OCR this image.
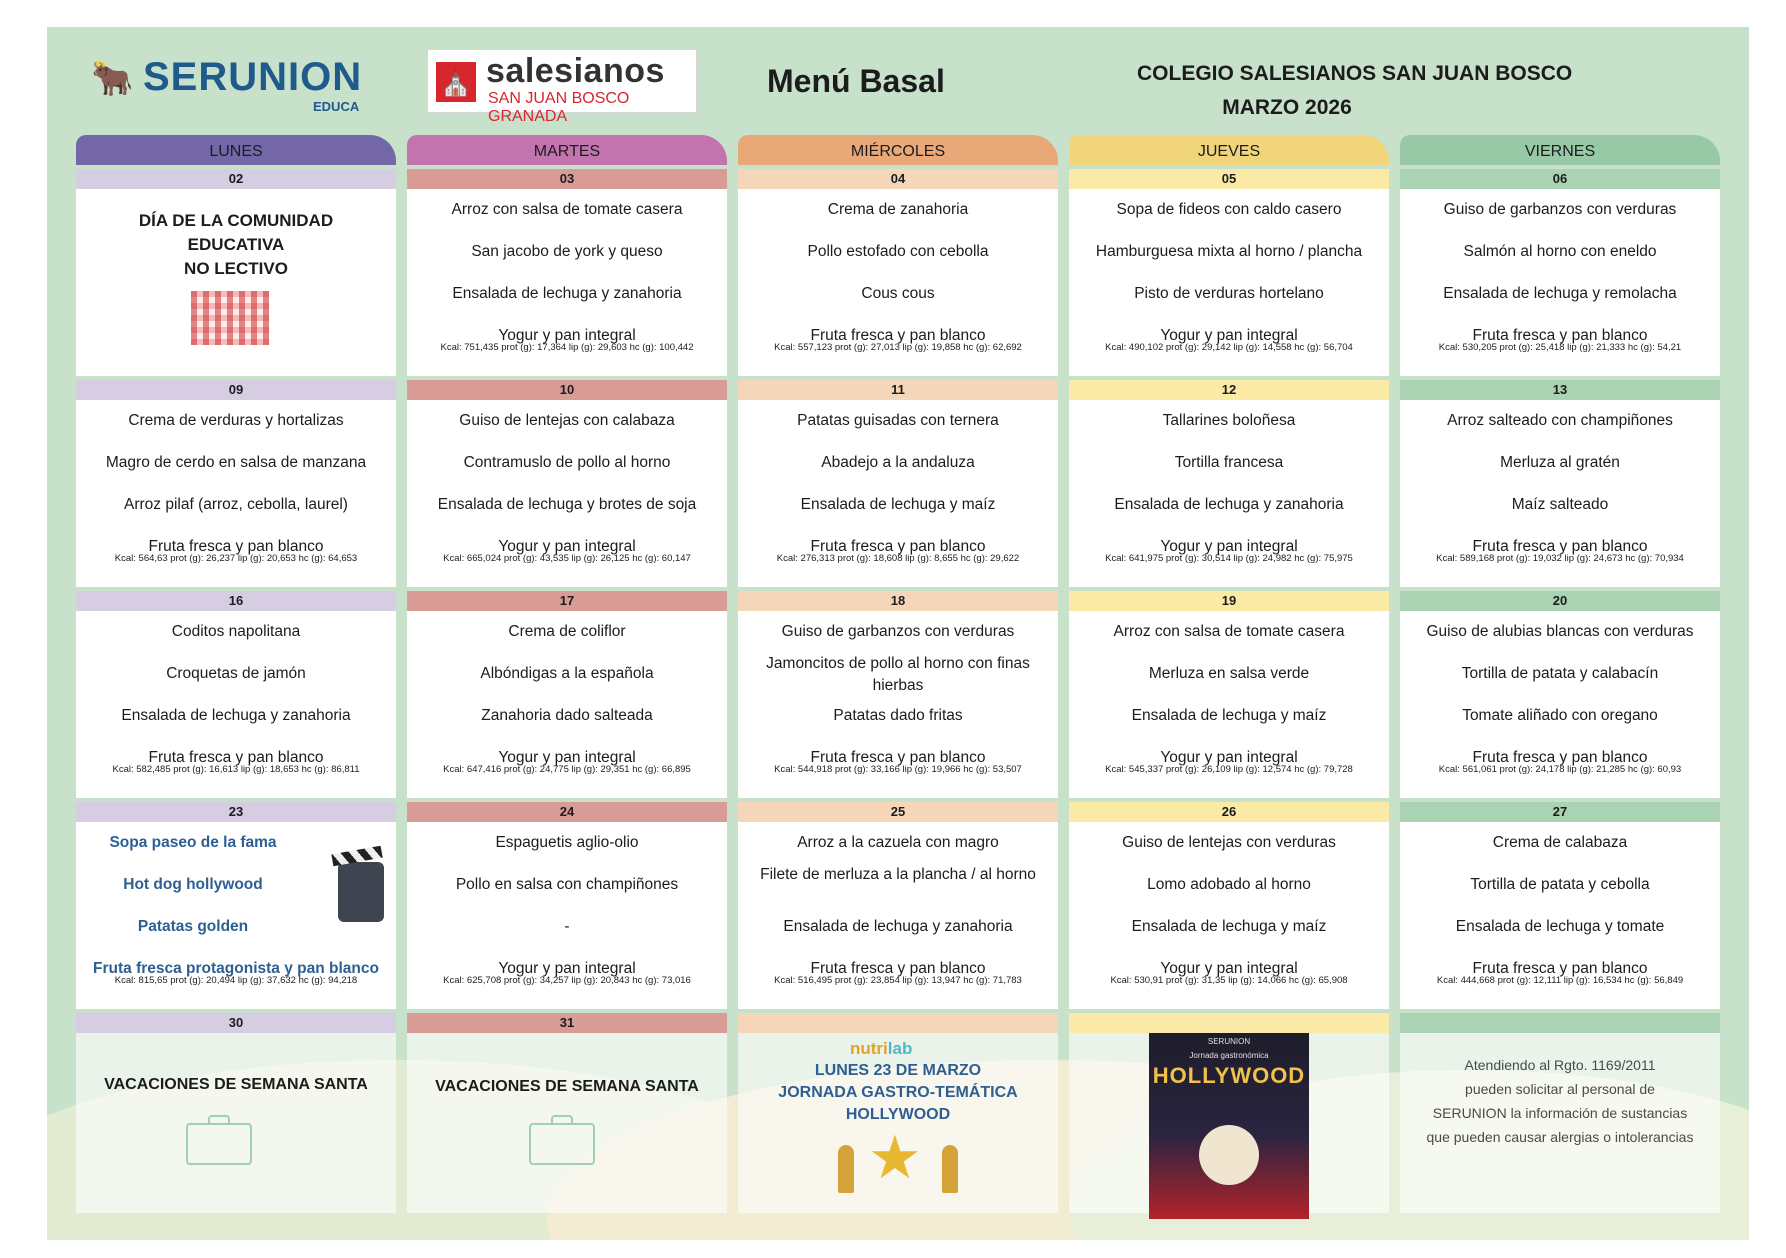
🐂 SERUNION
EDUCA
⛪ salesianos
SAN JUAN BOSCO GRANADA
Menú Basal	COLEGIO SALESIANOS SAN JUAN BOSCO
MARZO 2026
LUNES	MARTES	MIÉRCOLES	JUEVES	VIERNES
02
DÍA DE LA COMUNIDAD
EDUCATIVA
NO LECTIVO
03
Arroz con salsa de tomate casera
San jacobo de york y queso
Ensalada de lechuga y zanahoria
Yogur y pan integral
Kcal: 751,435 prot (g): 17,364 lip (g): 29,603 hc (g): 100,442
04
Crema de zanahoria
Pollo estofado con cebolla
Cous cous
Fruta fresca y pan blanco
Kcal: 557,123 prot (g): 27,013 lip (g): 19,858 hc (g): 62,692
05
Sopa de fideos con caldo casero
Hamburguesa mixta al horno / plancha
Pisto de verduras hortelano
Yogur y pan integral
Kcal: 490,102 prot (g): 29,142 lip (g): 14,558 hc (g): 56,704
06
Guiso de garbanzos con verduras
Salmón al horno con eneldo
Ensalada de lechuga y remolacha
Fruta fresca y pan blanco
Kcal: 530,205 prot (g): 25,418 lip (g): 21,333 hc (g): 54,21
09
Crema de verduras y hortalizas
Magro de cerdo en salsa de manzana
Arroz pilaf (arroz, cebolla, laurel)
Fruta fresca y pan blanco
Kcal: 564,63 prot (g): 26,237 lip (g): 20,653 hc (g): 64,653
10
Guiso de lentejas con calabaza
Contramuslo de pollo al horno
Ensalada de lechuga y brotes de soja
Yogur y pan integral
Kcal: 665,024 prot (g): 43,535 lip (g): 26,125 hc (g): 60,147
11
Patatas guisadas con ternera
Abadejo a la andaluza
Ensalada de lechuga y maíz
Fruta fresca y pan blanco
Kcal: 276,313 prot (g): 18,608 lip (g): 8,655 hc (g): 29,622
12
Tallarines boloñesa
Tortilla francesa
Ensalada de lechuga y zanahoria
Yogur y pan integral
Kcal: 641,975 prot (g): 30,514 lip (g): 24,982 hc (g): 75,975
13
Arroz salteado con champiñones
Merluza al gratén
Maíz salteado
Fruta fresca y pan blanco
Kcal: 589,168 prot (g): 19,032 lip (g): 24,673 hc (g): 70,934
16
Coditos napolitana
Croquetas de jamón
Ensalada de lechuga y zanahoria
Fruta fresca y pan blanco
Kcal: 582,485 prot (g): 16,613 lip (g): 18,653 hc (g): 86,811
17
Crema de coliflor
Albóndigas a la española
Zanahoria dado salteada
Yogur y pan integral
Kcal: 647,416 prot (g): 24,775 lip (g): 29,351 hc (g): 66,895
18
Guiso de garbanzos con verduras
Jamoncitos de pollo al horno con finas hierbas
Patatas dado fritas
Fruta fresca y pan blanco
Kcal: 544,918 prot (g): 33,166 lip (g): 19,966 hc (g): 53,507
19
Arroz con salsa de tomate casera
Merluza en salsa verde
Ensalada de lechuga y maíz
Yogur y pan integral
Kcal: 545,337 prot (g): 26,109 lip (g): 12,574 hc (g): 79,728
20
Guiso de alubias blancas con verduras
Tortilla de patata y calabacín
Tomate aliñado con oregano
Fruta fresca y pan blanco
Kcal: 561,061 prot (g): 24,178 lip (g): 21,285 hc (g): 60,93
23
Sopa paseo de la fama
Hot dog hollywood
Patatas golden
Fruta fresca protagonista y pan blanco
Kcal: 815,65 prot (g): 20,494 lip (g): 37,632 hc (g): 94,218
24
Espaguetis aglio-olio
Pollo en salsa con champiñones
-
Yogur y pan integral
Kcal: 625,708 prot (g): 34,257 lip (g): 20,843 hc (g): 73,016
25
Arroz a la cazuela con magro
Filete de merluza a la plancha / al horno
Ensalada de lechuga y zanahoria
Fruta fresca y pan blanco
Kcal: 516,495 prot (g): 23,854 lip (g): 13,947 hc (g): 71,783
26
Guiso de lentejas con verduras
Lomo adobado al horno
Ensalada de lechuga y maíz
Yogur y pan integral
Kcal: 530,91 prot (g): 31,35 lip (g): 14,066 hc (g): 65,908
27
Crema de calabaza
Tortilla de patata y cebolla
Ensalada de lechuga y tomate
Fruta fresca y pan blanco
Kcal: 444,668 prot (g): 12,111 lip (g): 16,534 hc (g): 56,849
30
VACACIONES DE SEMANA SANTA
31
VACACIONES DE SEMANA SANTA
nutrilab
LUNES 23 DE MARZO
JORNADA GASTRO-TEMÁTICA
HOLLYWOOD
★
SERUNION
Jornada gastronómica
HOLLYWOOD	Atendiendo al Rgto. 1169/2011
pueden solicitar al personal de
SERUNION la información de sustancias
que pueden causar alergias o intolerancias
